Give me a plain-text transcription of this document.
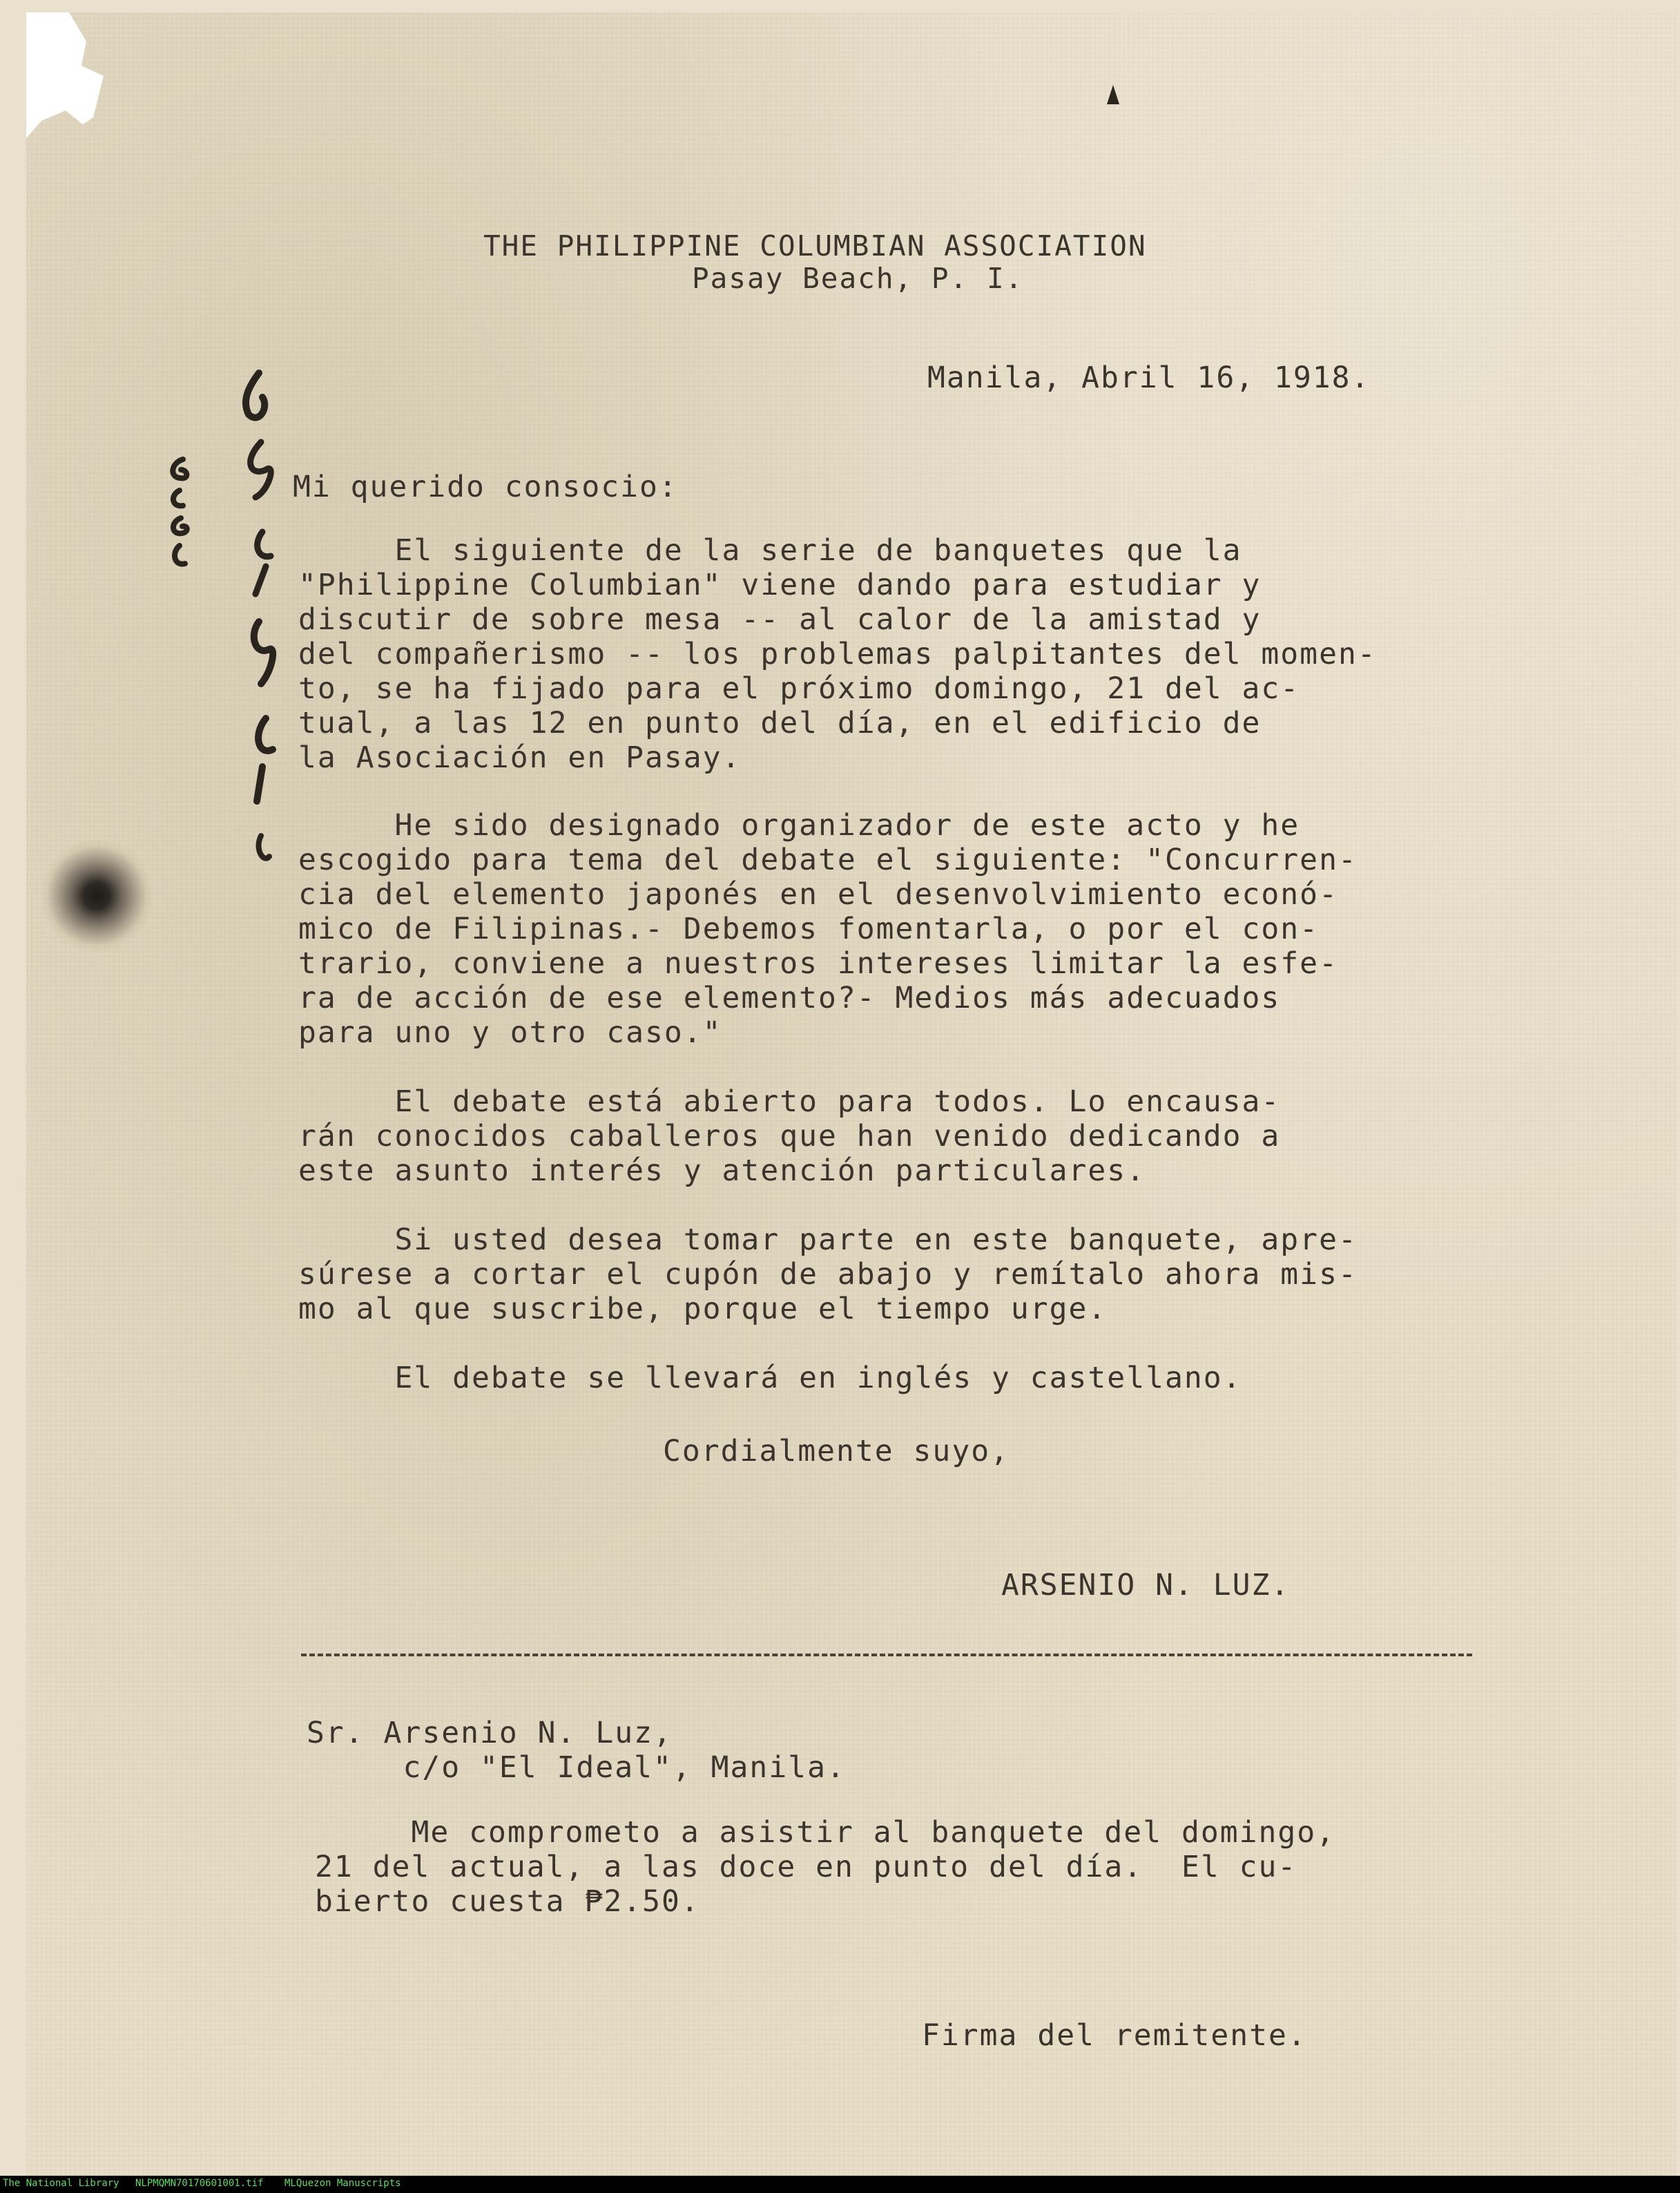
THE PHILIPPINE COLUMBIAN ASSOCIATION

Pasay Beach, P. I.

Manila, Abril 16, 1918.

Mi querido consocio:

El siguiente de la serie de banquetes que la

"Philippine Columbian" viene dando para estudiar y

discutir de sobre mesa -- al calor de la amistad y

del compañerismo -- los problemas palpitantes del momen-

to, se ha fijado para el próximo domingo, 21 del ac-

tual, a las 12 en punto del día, en el edificio de

la Asociación en Pasay.

He sido designado organizador de este acto y he

escogido para tema del debate el siguiente: "Concurren-

cia del elemento japonés en el desenvolvimiento econó-

mico de Filipinas.- Debemos fomentarla, o por el con-

trario, conviene a nuestros intereses limitar la esfe-

ra de acción de ese elemento?- Medios más adecuados

para uno y otro caso."

El debate está abierto para todos. Lo encausa-

rán conocidos caballeros que han venido dedicando a

este asunto interés y atención particulares.

Si usted desea tomar parte en este banquete, apre-

súrese a cortar el cupón de abajo y remítalo ahora mis-

mo al que suscribe, porque el tiempo urge.

El debate se llevará en inglés y castellano.

Cordialmente suyo,

ARSENIO N. LUZ.

Sr. Arsenio N. Luz,

c/o "El Ideal", Manila.

Me comprometo a asistir al banquete del domingo,

21 del actual, a las doce en punto del día.  El cu-

bierto cuesta ₱2.50.

Firma del remitente.

The National Library NLPMQMN70170601001.tif MLQuezon Manuscripts
